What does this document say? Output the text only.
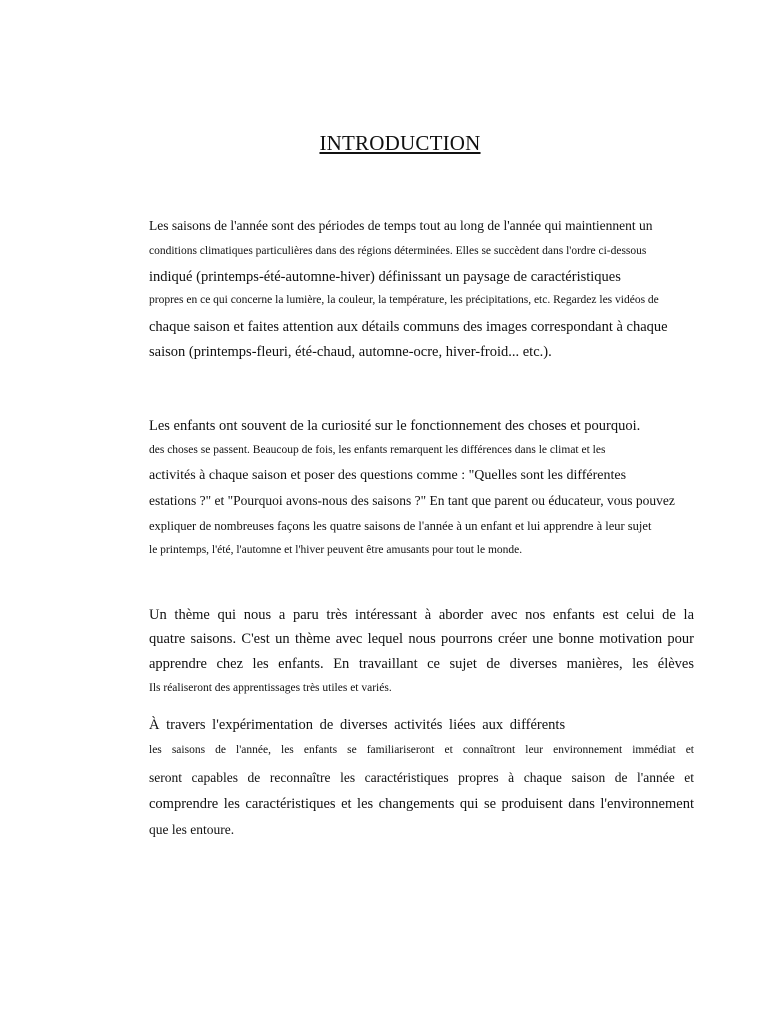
INTRODUCTION
Les saisons de l'année sont des périodes de temps tout au long de l'année qui maintiennent un
conditions climatiques particulières dans des régions déterminées. Elles se succèdent dans l'ordre ci-dessous
indiqué (printemps-été-automne-hiver) définissant un paysage de caractéristiques
propres en ce qui concerne la lumière, la couleur, la température, les précipitations, etc. Regardez les vidéos de
chaque saison et faites attention aux détails communs des images correspondant à chaque
saison (printemps-fleuri, été-chaud, automne-ocre, hiver-froid... etc.).
Les enfants ont souvent de la curiosité sur le fonctionnement des choses et pourquoi.
des choses se passent. Beaucoup de fois, les enfants remarquent les différences dans le climat et les
activités à chaque saison et poser des questions comme : "Quelles sont les différentes
estations ?" et "Pourquoi avons-nous des saisons ?" En tant que parent ou éducateur, vous pouvez
expliquer de nombreuses façons les quatre saisons de l'année à un enfant et lui apprendre à leur sujet
le printemps, l'été, l'automne et l'hiver peuvent être amusants pour tout le monde.
Un thème qui nous a paru très intéressant à aborder avec nos enfants est celui de la
quatre saisons. C'est un thème avec lequel nous pourrons créer une bonne motivation pour
apprendre chez les enfants. En travaillant ce sujet de diverses manières, les élèves
Ils réaliseront des apprentissages très utiles et variés.
À travers l'expérimentation de diverses activités liées aux différents
les saisons de l'année, les enfants se familiariseront et connaîtront leur environnement immédiat et
seront capables de reconnaître les caractéristiques propres à chaque saison de l'année et
comprendre les caractéristiques et les changements qui se produisent dans l'environnement
que les entoure.
